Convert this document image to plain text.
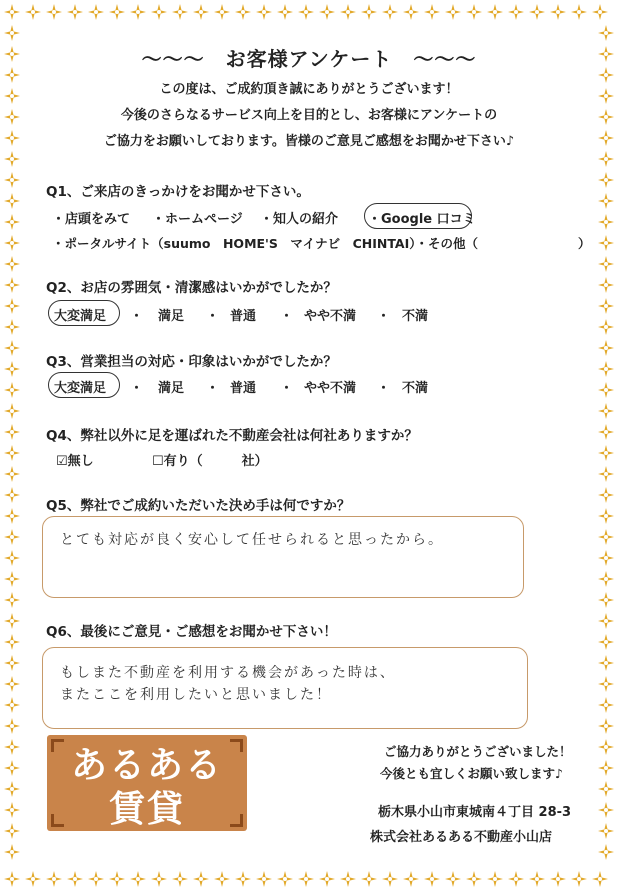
～～～　お客様アンケート　～～～
この度は、ご成約頂き誠にありがとうございます！
今後のさらなるサービス向上を目的とし、お客様にアンケートの
ご協力をお願いしております。皆様のご意見ご感想をお聞かせ下さい♪
Q1、ご来店のきっかけをお聞かせ下さい。
・店頭をみて ・ホームページ ・知人の紹介 ・Google 口コミ
・ポータルサイト（suumo　HOME'S　マイナビ　CHINTAI）・その他（　　　　　　　　）
Q2、お店の雰囲気・清潔感はいかがでしたか？
大変満足 ・ 満足 ・ 普通 ・ やや不満 ・ 不満
Q3、営業担当の対応・印象はいかがでしたか？
大変満足 ・ 満足 ・ 普通 ・ やや不満 ・ 不満
Q4、弊社以外に足を運ばれた不動産会社は何社ありますか？
☑無し	☐有り（　　　社）
Q5、弊社でご成約いただいた決め手は何ですか？
とても対応が良く安心して任せられると思ったから。
Q6、最後にご意見・ご感想をお聞かせ下さい！
もしまた不動産を利用する機会があった時は、
またここを利用したいと思いました！
あるある
賃貸
ご協力ありがとうございました！
今後とも宜しくお願い致します♪
栃木県小山市東城南４丁目 28-3
株式会社あるある不動産小山店
